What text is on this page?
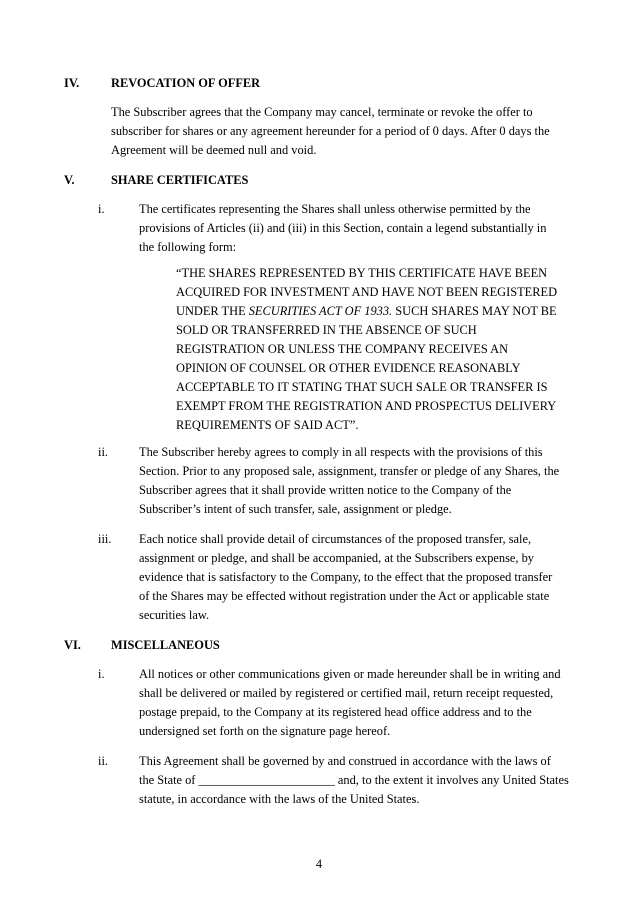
IV.	REVOCATION OF OFFER
The Subscriber agrees that the Company may cancel, terminate or revoke the offer to
subscriber for shares or any agreement hereunder for a period of 0 days. After 0 days the
Agreement will be deemed null and void.
V.	SHARE CERTIFICATES
i.	The certificates representing the Shares shall unless otherwise permitted by the
provisions of Articles (ii) and (iii) in this Section, contain a legend substantially in
the following form:
“THE SHARES REPRESENTED BY THIS CERTIFICATE HAVE BEEN
ACQUIRED FOR INVESTMENT AND HAVE NOT BEEN REGISTERED
UNDER THE SECURITIES ACT OF 1933. SUCH SHARES MAY NOT BE
SOLD OR TRANSFERRED IN THE ABSENCE OF SUCH
REGISTRATION OR UNLESS THE COMPANY RECEIVES AN
OPINION OF COUNSEL OR OTHER EVIDENCE REASONABLY
ACCEPTABLE TO IT STATING THAT SUCH SALE OR TRANSFER IS
EXEMPT FROM THE REGISTRATION AND PROSPECTUS DELIVERY
REQUIREMENTS OF SAID ACT”.
ii.	The Subscriber hereby agrees to comply in all respects with the provisions of this
Section. Prior to any proposed sale, assignment, transfer or pledge of any Shares, the
Subscriber agrees that it shall provide written notice to the Company of the
Subscriber’s intent of such transfer, sale, assignment or pledge.
iii. Each notice shall provide detail of circumstances of the proposed transfer, sale,
assignment or pledge, and shall be accompanied, at the Subscribers expense, by
evidence that is satisfactory to the Company, to the effect that the proposed transfer
of the Shares may be effected without registration under the Act or applicable state
securities law.
VI. MISCELLANEOUS
i.	All notices or other communications given or made hereunder shall be in writing and
shall be delivered or mailed by registered or certified mail, return receipt requested,
postage prepaid, to the Company at its registered head office address and to the
undersigned set forth on the signature page hereof.
ii.	This Agreement shall be governed by and construed in accordance with the laws of
the State of ______________________ and, to the extent it involves any United States
statute, in accordance with the laws of the United States.
4
